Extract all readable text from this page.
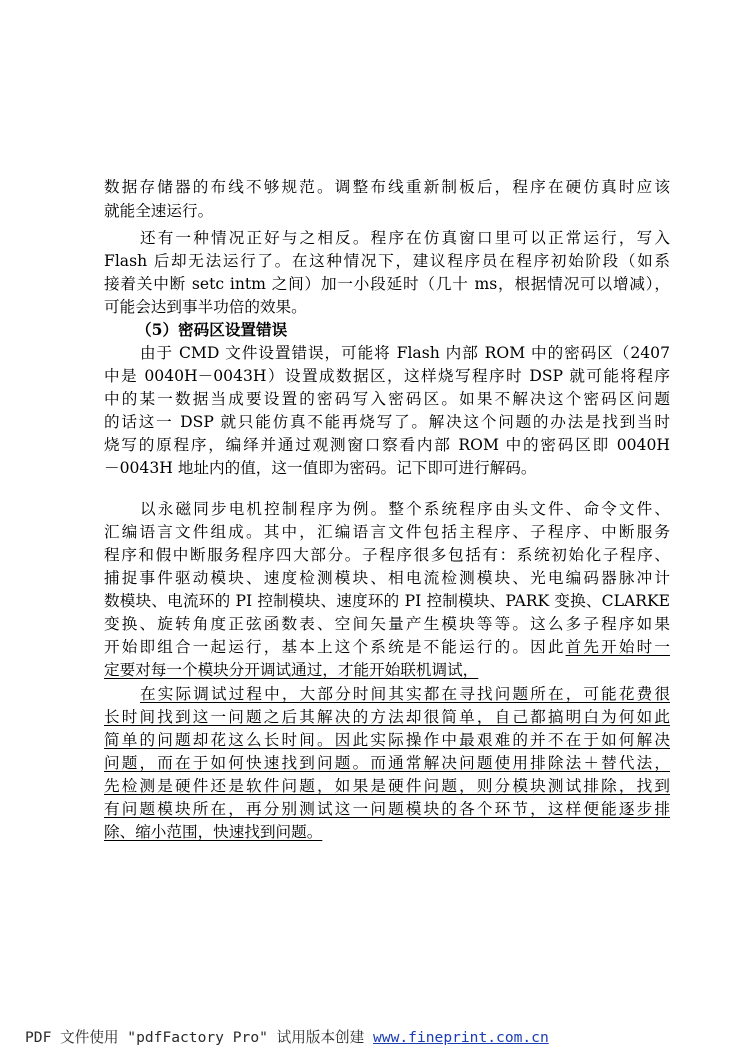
数据存储器的布线不够规范。调整布线重新制板后，程序在硬仿真时应该
就能全速运行。
还有一种情况正好与之相反。程序在仿真窗口里可以正常运行，写入
Flash 后却无法运行了。在这种情况下，建议程序员在程序初始阶段（如系
接着关中断 setc intm 之间）加一小段延时（几十 ms，根据情况可以增减），
可能会达到事半功倍的效果。
（5）密码区设置错误
由于 CMD 文件设置错误，可能将 Flash 内部 ROM 中的密码区（2407
中是 0040H－0043H）设置成数据区，这样烧写程序时 DSP 就可能将程序
中的某一数据当成要设置的密码写入密码区。如果不解决这个密码区问题
的话这一 DSP 就只能仿真不能再烧写了。解决这个问题的办法是找到当时
烧写的原程序，编绎并通过观测窗口察看内部 ROM 中的密码区即 0040H
－0043H 地址内的值，这一值即为密码。记下即可进行解码。
以永磁同步电机控制程序为例。整个系统程序由头文件、命令文件、
汇编语言文件组成。其中，汇编语言文件包括主程序、子程序、中断服务
程序和假中断服务程序四大部分。子程序很多包括有：系统初始化子程序、
捕捉事件驱动模块、速度检测模块、相电流检测模块、光电编码器脉冲计
数模块、电流环的 PI 控制模块、速度环的 PI 控制模块、PARK 变换、CLARKE
变换、旋转角度正弦函数表、空间矢量产生模块等等。这么多子程序如果
开始即组合一起运行，基本上这个系统是不能运行的。因此首先开始时一
定要对每一个模块分开调试通过，才能开始联机调试，
在实际调试过程中，大部分时间其实都在寻找问题所在，可能花费很
长时间找到这一问题之后其解决的方法却很简单，自己都搞明白为何如此
简单的问题却花这么长时间。因此实际操作中最艰难的并不在于如何解决
问题，而在于如何快速找到问题。而通常解决问题使用排除法＋替代法，
先检测是硬件还是软件问题，如果是硬件问题，则分模块测试排除，找到
有问题模块所在，再分别测试这一问题模块的各个环节，这样便能逐步排
除、缩小范围，快速找到问题。
PDF 文件使用 "pdfFactory Pro" 试用版本创建 www.fineprint.com.cn
